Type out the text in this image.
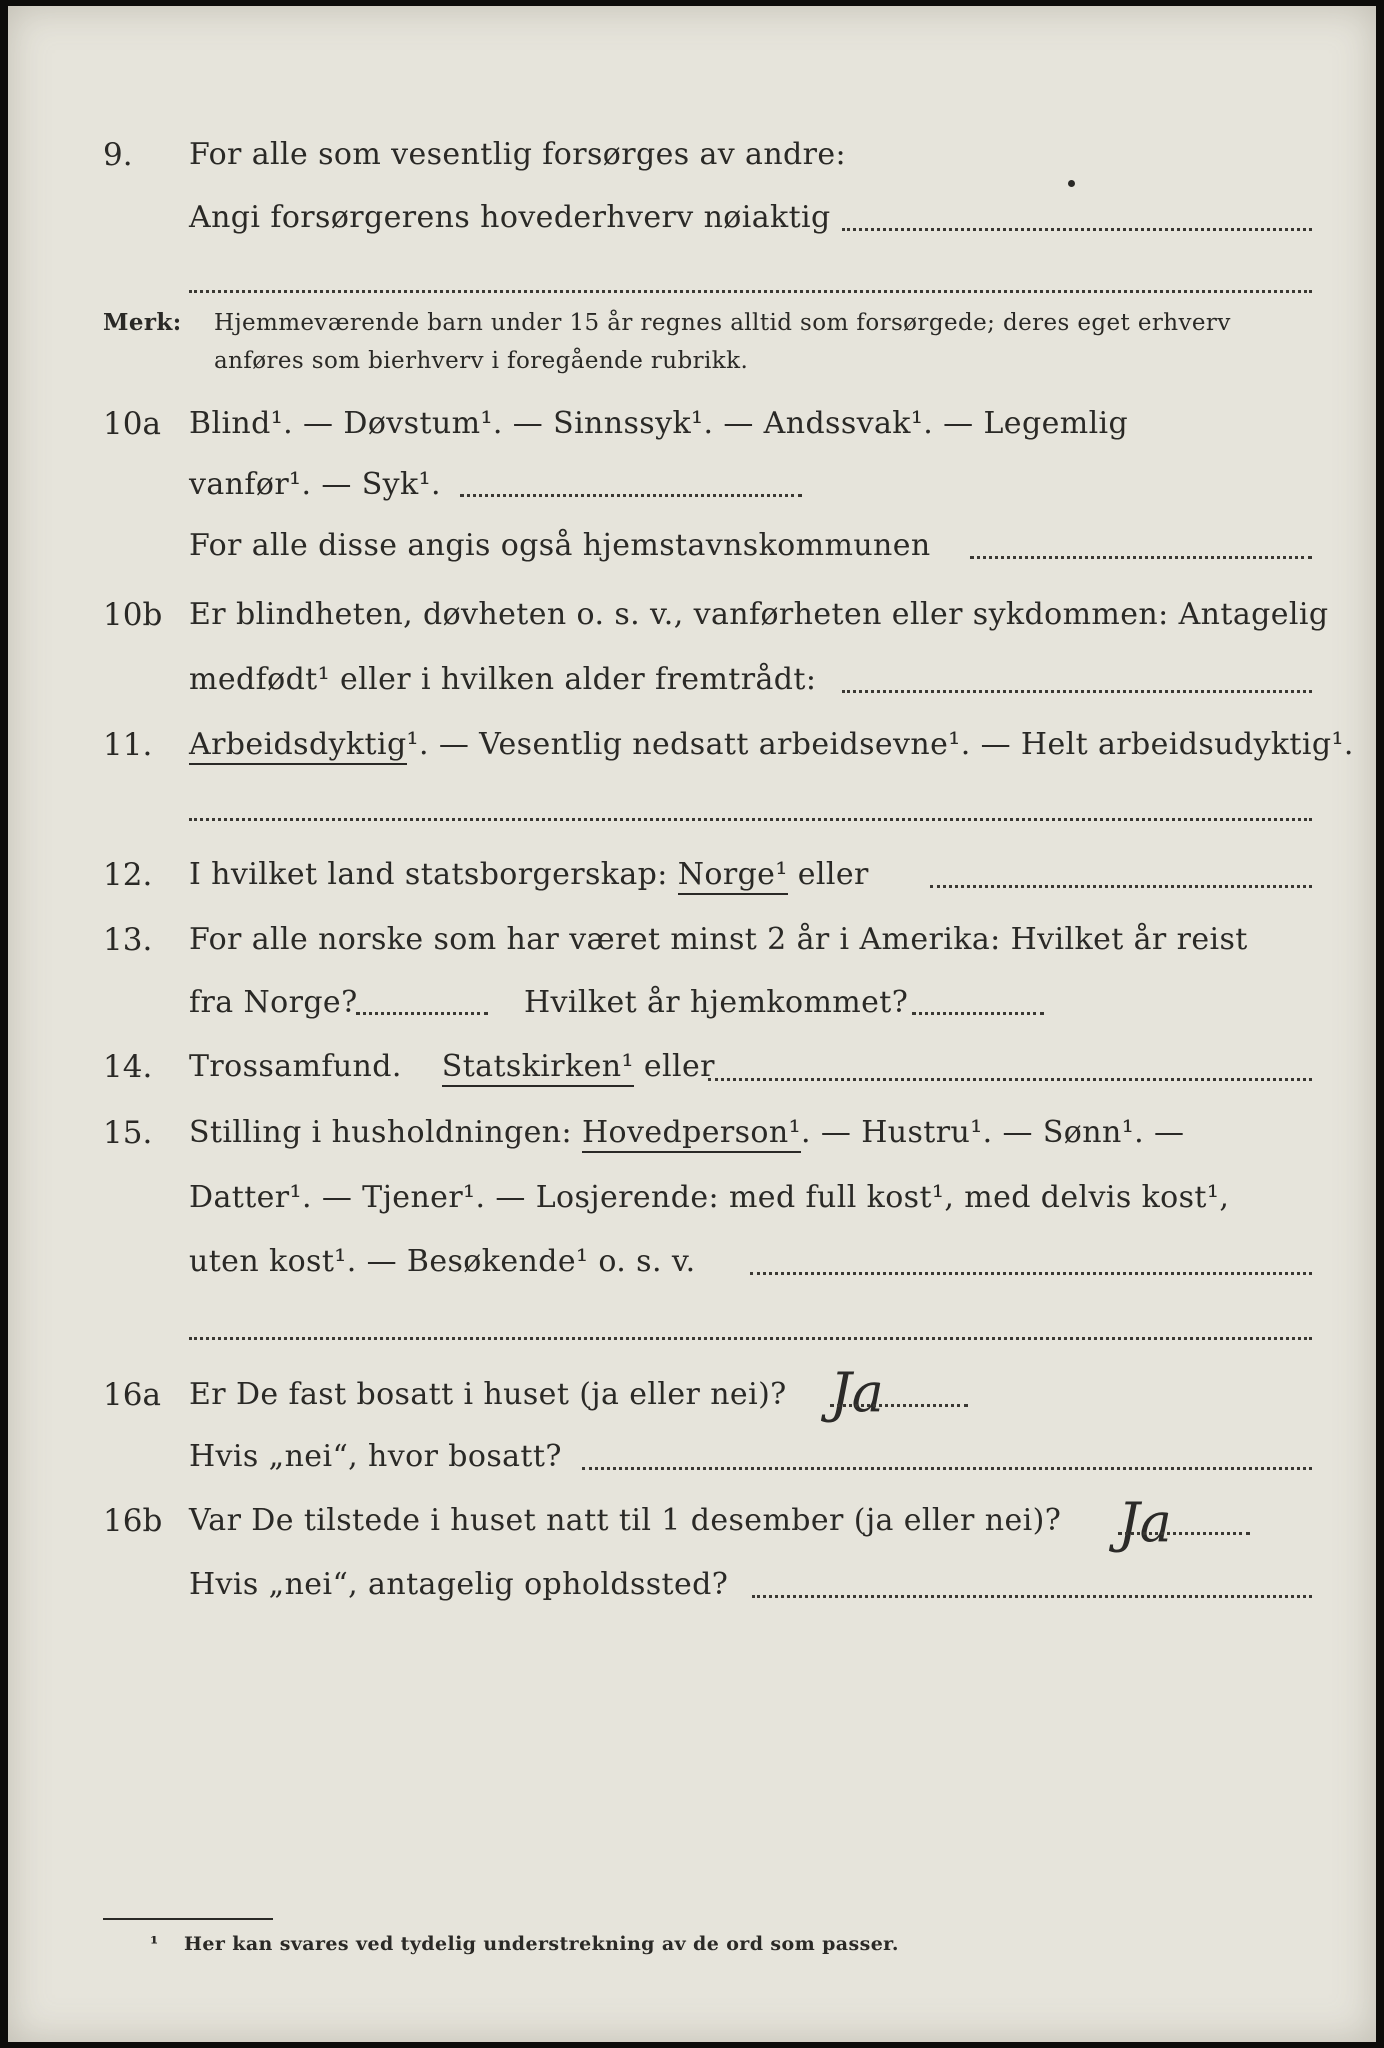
9.	For alle som vesentlig forsørges av andre:
Angi forsørgerens hovederhverv nøiaktig
Merk: Hjemmeværende barn under 15 år regnes alltid som forsørgede; deres eget erhverv
anføres som bierhverv i foregående rubrikk.
10a Blind¹. — Døvstum¹. — Sinnssyk¹. — Andssvak¹. — Legemlig
vanfør¹. — Syk¹.
For alle disse angis også hjemstavnskommunen
10b Er blindheten, døvheten o. s. v., vanførheten eller sykdommen: Antagelig
medfødt¹ eller i hvilken alder fremtrådt:
11.	Arbeidsdyktig¹. — Vesentlig nedsatt arbeidsevne¹. — Helt arbeidsudyktig¹.
12.	I hvilket land statsborgerskap: Norge¹ eller
13.	For alle norske som har været minst 2 år i Amerika: Hvilket år reist
fra Norge?	Hvilket år hjemkommet?
14.	Trossamfund. Statskirken¹ eller
15.	Stilling i husholdningen: Hovedperson¹. — Hustru¹. — Sønn¹. —
Datter¹. — Tjener¹. — Losjerende: med full kost¹, med delvis kost¹,
uten kost¹. — Besøkende¹ o. s. v.
16a Er De fast bosatt i huset (ja eller nei)? Ja
Hvis „nei“, hvor bosatt?
16b Var De tilstede i huset natt til 1 desember (ja eller nei)? Ja
Hvis „nei“, antagelig opholdssted?
¹ Her kan svares ved tydelig understrekning av de ord som passer.
